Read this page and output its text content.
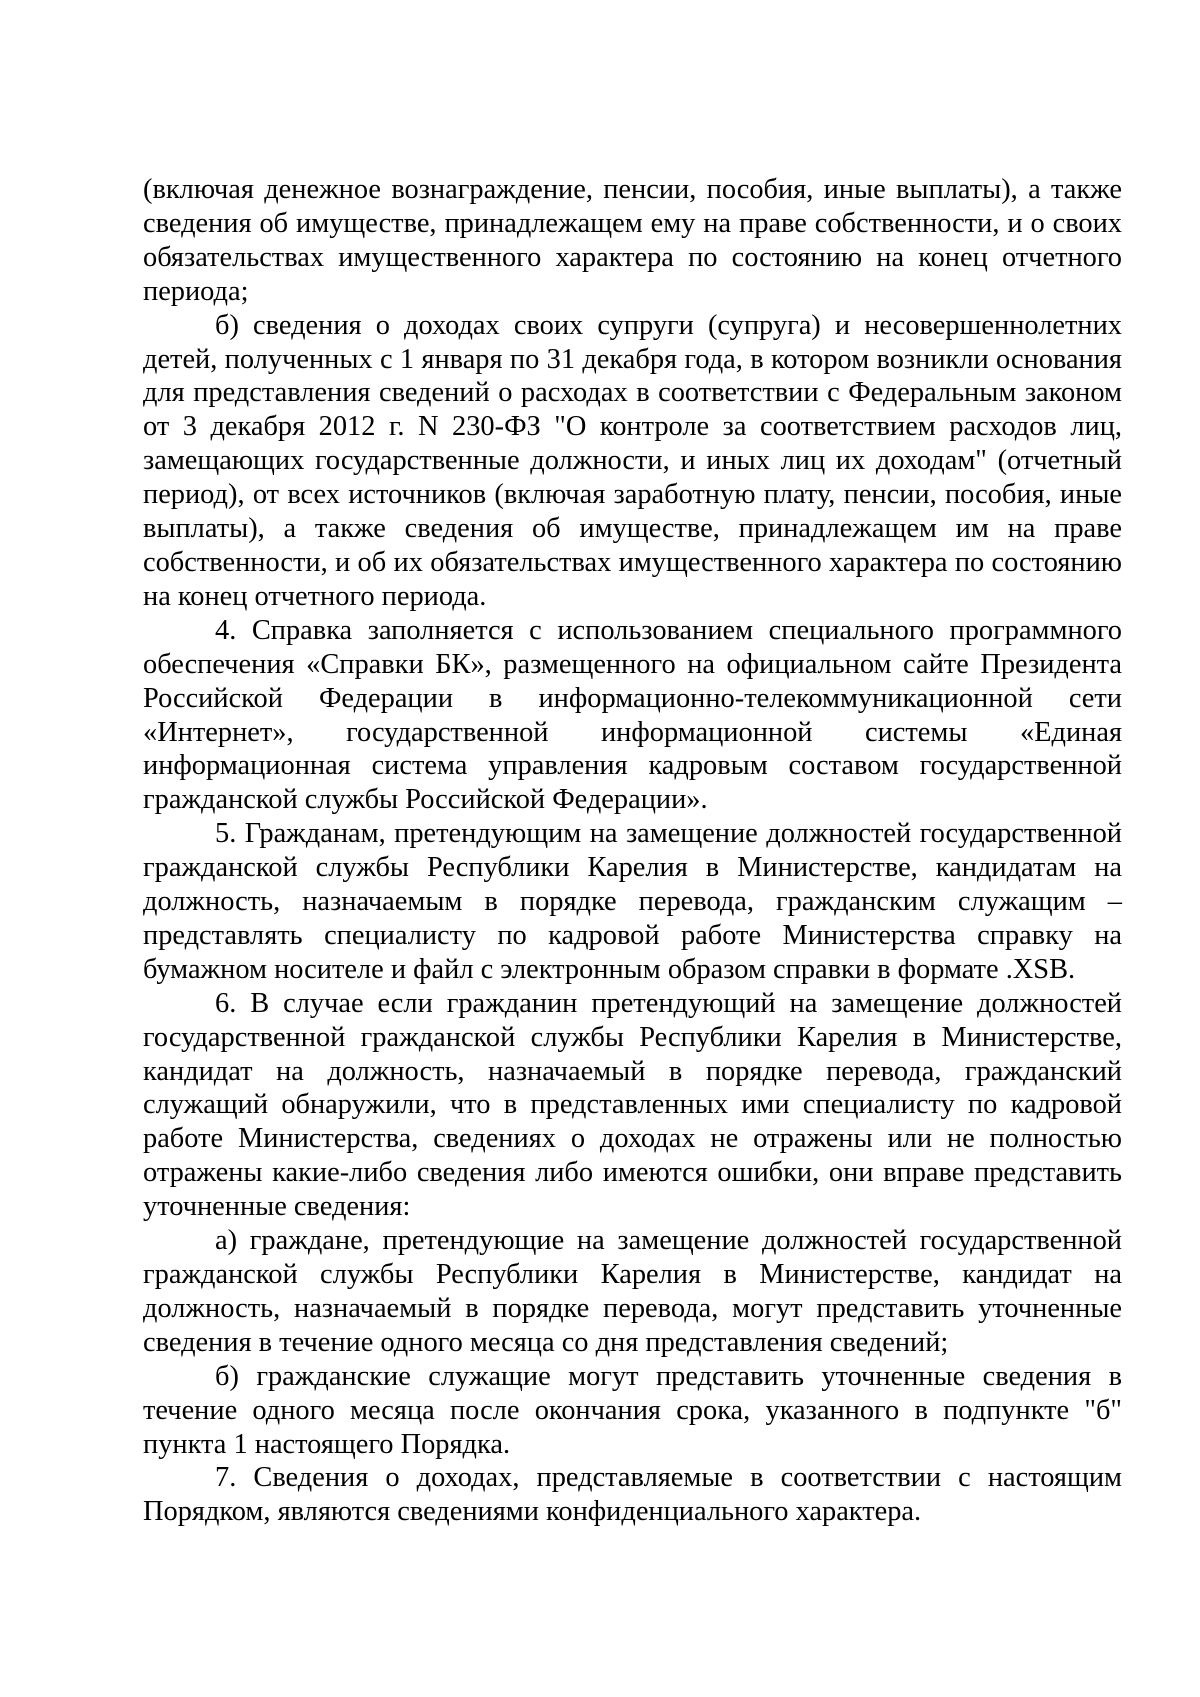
(включая денежное вознаграждение, пенсии, пособия, иные выплаты), а также сведения об имуществе, принадлежащем ему на праве собственности, и о своих обязательствах имущественного характера по состоянию на конец отчетного периода;

б) сведения о доходах своих супруги (супруга) и несовершеннолетних детей, полученных с 1 января по 31 декабря года, в котором возникли основания для представления сведений о расходах в соответствии с Федеральным законом от 3 декабря 2012 г. N 230-ФЗ "О контроле за соответствием расходов лиц, замещающих государственные должности, и иных лиц их доходам" (отчетный период), от всех источников (включая заработную плату, пенсии, пособия, иные выплаты), а также сведения об имуществе, принадлежащем им на праве собственности, и об их обязательствах имущественного характера по состоянию на конец отчетного периода.

4. Справка заполняется с использованием специального программного обеспечения «Справки БК», размещенного на официальном сайте Президента Российской Федерации в информационно-телекоммуникационной сети «Интернет», государственной информационной системы «Единая информационная система управления кадровым составом государственной гражданской службы Российской Федерации».

5. Гражданам, претендующим на замещение должностей государственной гражданской службы Республики Карелия в Министерстве, кандидатам на должность, назначаемым в порядке перевода, гражданским служащим – представлять специалисту по кадровой работе Министерства справку на бумажном носителе и файл с электронным образом справки в формате .XSB.

6. В случае если гражданин претендующий на замещение должностей государственной гражданской службы Республики Карелия в Министерстве, кандидат на должность, назначаемый в порядке перевода, гражданский служащий обнаружили, что в представленных ими специалисту по кадровой работе Министерства, сведениях о доходах не отражены или не полностью отражены какие-либо сведения либо имеются ошибки, они вправе представить уточненные сведения:

а) граждане, претендующие на замещение должностей государственной гражданской службы Республики Карелия в Министерстве, кандидат на должность, назначаемый в порядке перевода, могут представить уточненные сведения в течение одного месяца со дня представления сведений;

б) гражданские служащие могут представить уточненные сведения в течение одного месяца после окончания срока, указанного в подпункте "б" пункта 1 настоящего Порядка.

7. Сведения о доходах, представляемые в соответствии с настоящим Порядком, являются сведениями конфиденциального характера.
